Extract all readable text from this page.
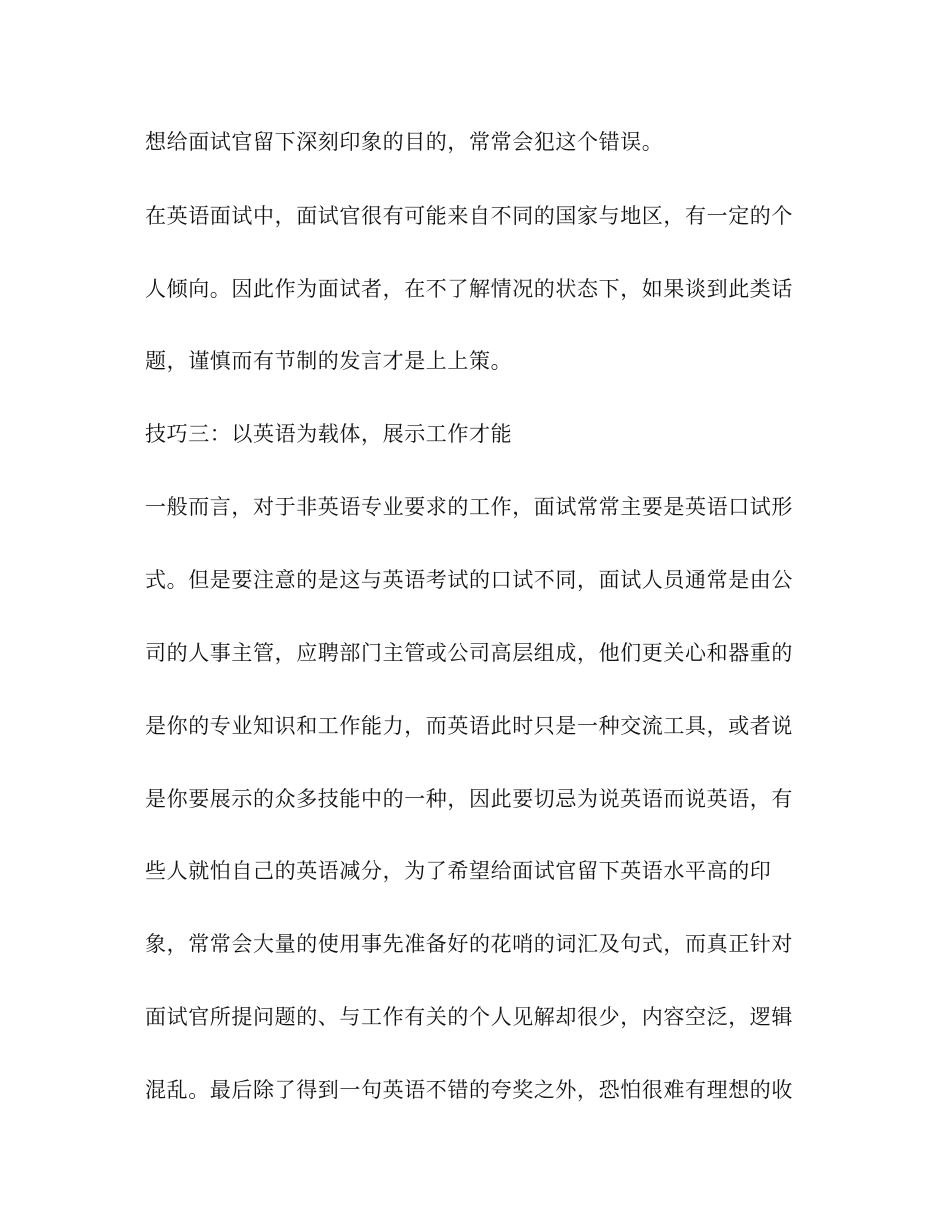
想给面试官留下深刻印象的目的，常常会犯这个错误。

在英语面试中，面试官很有可能来自不同的国家与地区，有一定的个

人倾向。因此作为面试者，在不了解情况的状态下，如果谈到此类话

题，谨慎而有节制的发言才是上上策。

技巧三：以英语为载体，展示工作才能

一般而言，对于非英语专业要求的工作，面试常常主要是英语口试形

式。但是要注意的是这与英语考试的口试不同，面试人员通常是由公

司的人事主管，应聘部门主管或公司高层组成，他们更关心和器重的

是你的专业知识和工作能力，而英语此时只是一种交流工具，或者说

是你要展示的众多技能中的一种，因此要切忌为说英语而说英语，有

些人就怕自己的英语减分，为了希望给面试官留下英语水平高的印

象，常常会大量的使用事先准备好的花哨的词汇及句式，而真正针对

面试官所提问题的、与工作有关的个人见解却很少，内容空泛，逻辑

混乱。最后除了得到一句英语不错的夸奖之外，恐怕很难有理想的收
